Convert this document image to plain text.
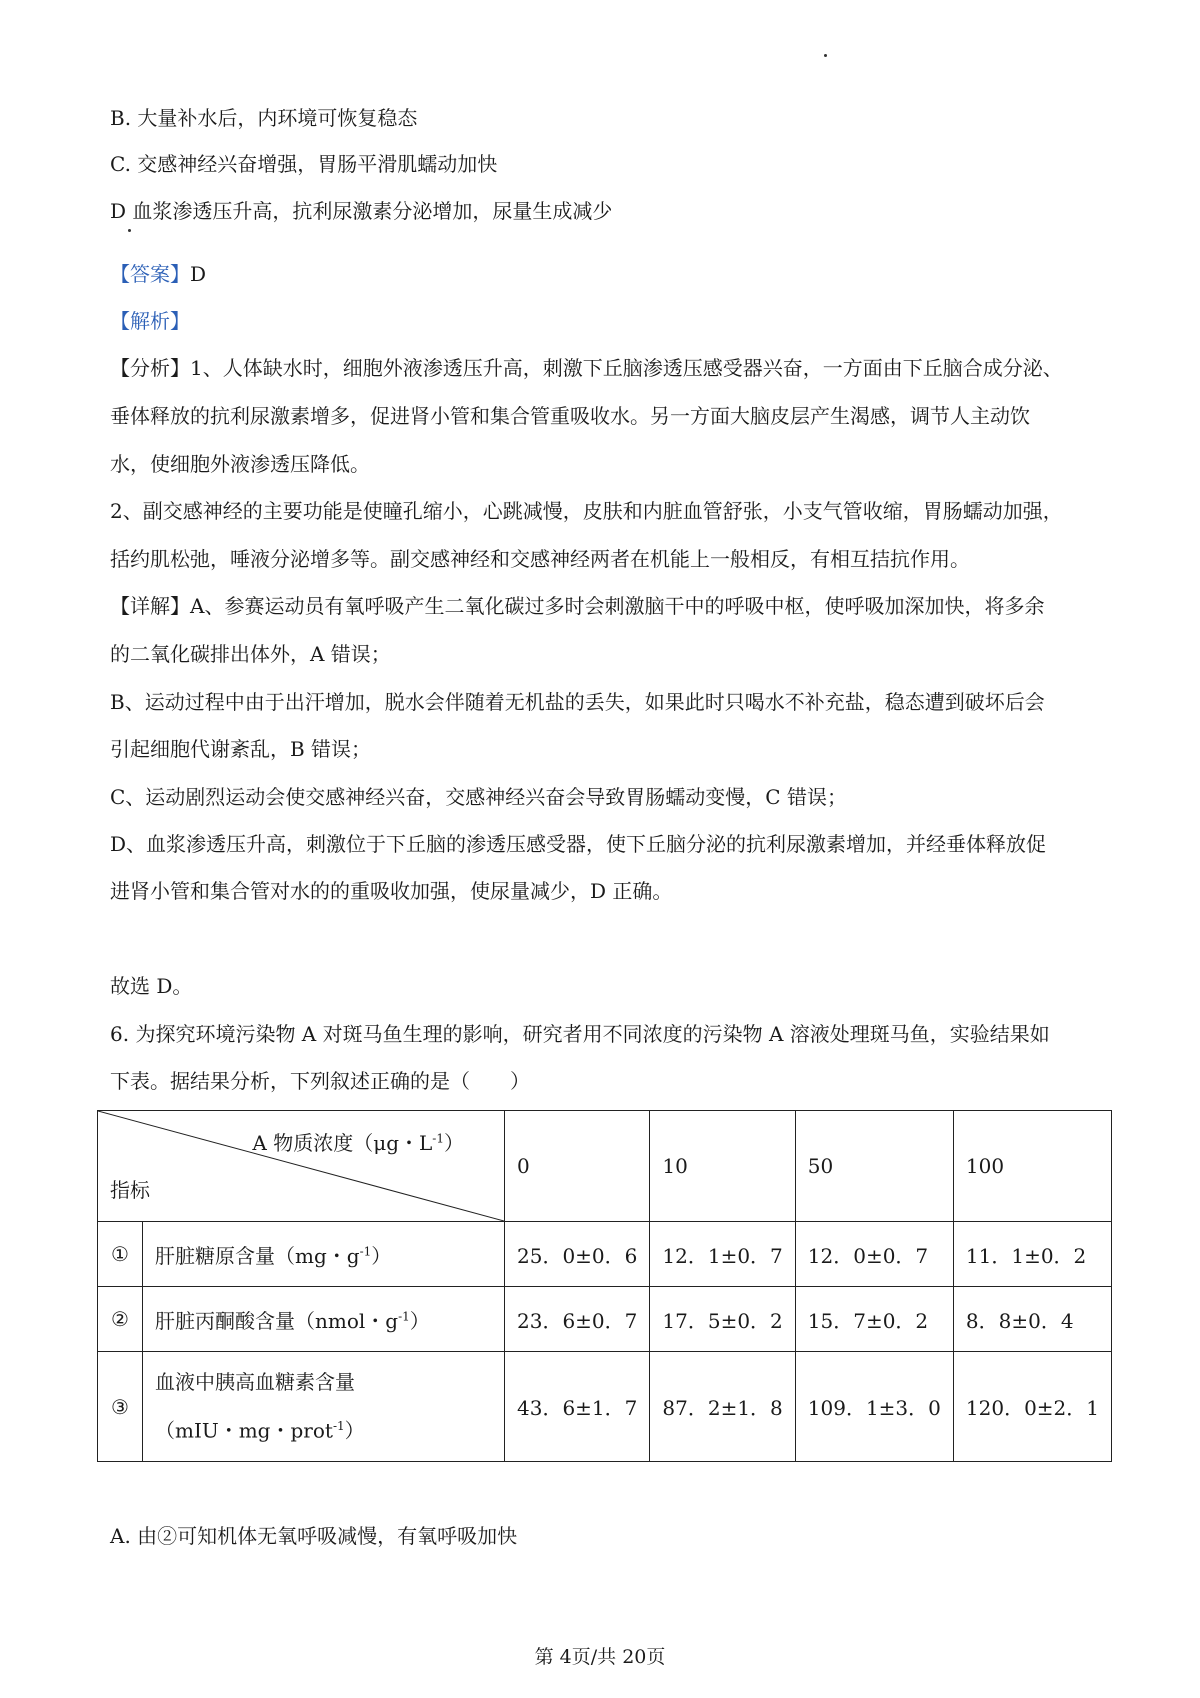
B. 大量补水后，内环境可恢复稳态
C. 交感神经兴奋增强，胃肠平滑肌蠕动加快
D 血浆渗透压升高，抗利尿激素分泌增加，尿量生成减少
【答案】D
【解析】
【分析】1、人体缺水时，细胞外液渗透压升高，刺激下丘脑渗透压感受器兴奋，一方面由下丘脑合成分泌、
垂体释放的抗利尿激素增多，促进肾小管和集合管重吸收水。另一方面大脑皮层产生渴感，调节人主动饮
水，使细胞外液渗透压降低。
2、副交感神经的主要功能是使瞳孔缩小，心跳减慢，皮肤和内脏血管舒张，小支气管收缩，胃肠蠕动加强，
括约肌松弛，唾液分泌增多等。副交感神经和交感神经两者在机能上一般相反，有相互拮抗作用。
【详解】A、参赛运动员有氧呼吸产生二氧化碳过多时会刺激脑干中的呼吸中枢，使呼吸加深加快，将多余
的二氧化碳排出体外，A 错误；
B、运动过程中由于出汗增加，脱水会伴随着无机盐的丢失，如果此时只喝水不补充盐，稳态遭到破坏后会
引起细胞代谢紊乱，B 错误；
C、运动剧烈运动会使交感神经兴奋，交感神经兴奋会导致胃肠蠕动变慢，C 错误；
D、血浆渗透压升高，刺激位于下丘脑的渗透压感受器，使下丘脑分泌的抗利尿激素增加，并经垂体释放促
进肾小管和集合管对水的的重吸收加强，使尿量减少，D 正确。
故选 D。
6. 为探究环境污染物 A 对斑马鱼生理的影响，研究者用不同浓度的污染物 A 溶液处理斑马鱼，实验结果如
下表。据结果分析，下列叙述正确的是（　　）
A 物质浓度（μg・$L^{-1}$）
指标		0	10	50	100
①	肝脏糖原含量（mg・$g^{-1}$）	25．0±0．6	12．1±0．7	12．0±0．7	11．1±0．2
②	肝脏丙酮酸含量（nmol・$g^{-1}$）	23．6±0．7	17．5±0．2	15．7±0．2	8．8±0．4
③	血液中胰高血糖素含量
（mIU・mg・prot$^{-1}$）	43．6±1．7	87．2±1．8	109．1±3．0	120．0±2．1
A. 由②可知机体无氧呼吸减慢，有氧呼吸加快
第 4页/共 20页
